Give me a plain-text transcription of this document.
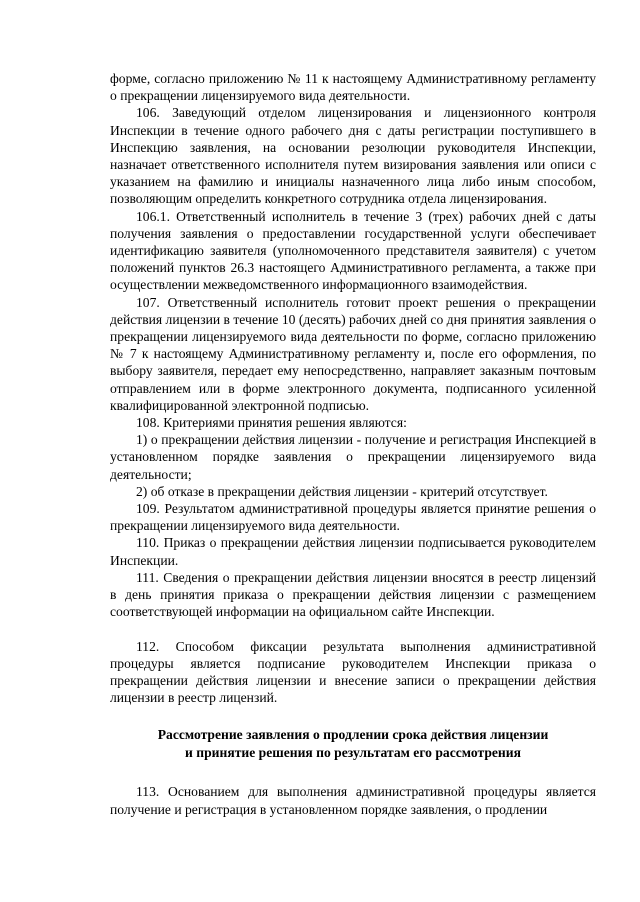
форме, согласно приложению № 11 к настоящему Административному регламенту о прекращении лицензируемого вида деятельности.

106. Заведующий отделом лицензирования и лицензионного контроля Инспекции в течение одного рабочего дня с даты регистрации поступившего в Инспекцию заявления, на основании резолюции руководителя Инспекции, назначает ответственного исполнителя путем визирования заявления или описи с указанием на фамилию и инициалы назначенного лица либо иным способом, позволяющим определить конкретного сотрудника отдела лицензирования.

106.1. Ответственный исполнитель в течение 3 (трех) рабочих дней с даты получения заявления о предоставлении государственной услуги обеспечивает идентификацию заявителя (уполномоченного представителя заявителя) с учетом положений пунктов 26.3 настоящего Административного регламента, а также при осуществлении межведомственного информационного взаимодействия.

107. Ответственный исполнитель готовит проект решения о прекращении действия лицензии в течение 10 (десять) рабочих дней со дня принятия заявления о прекращении лицензируемого вида деятельности по форме, согласно приложению № 7 к настоящему Административному регламенту и, после его оформления, по выбору заявителя, передает ему непосредственно, направляет заказным почтовым отправлением или в форме электронного документа, подписанного усиленной квалифицированной электронной подписью.

108. Критериями принятия решения являются:

1) о прекращении действия лицензии - получение и регистрация Инспекцией в установленном порядке заявления о прекращении лицензируемого вида деятельности;

2) об отказе в прекращении действия лицензии - критерий отсутствует.

109. Результатом административной процедуры является принятие решения о прекращении лицензируемого вида деятельности.

110. Приказ о прекращении действия лицензии подписывается руководителем Инспекции.

111. Сведения о прекращении действия лицензии вносятся в реестр лицензий в день принятия приказа о прекращении действия лицензии с размещением соответствующей информации на официальном сайте Инспекции.

112. Способом фиксации результата выполнения административной процедуры является подписание руководителем Инспекции приказа о прекращении действия лицензии и внесение записи о прекращении действия лицензии в реестр лицензий.

Рассмотрение заявления о продлении срока действия лицензии
и принятие решения по результатам его рассмотрения

113. Основанием для выполнения административной процедуры является получение и регистрация в установленном порядке заявления, о продлении
